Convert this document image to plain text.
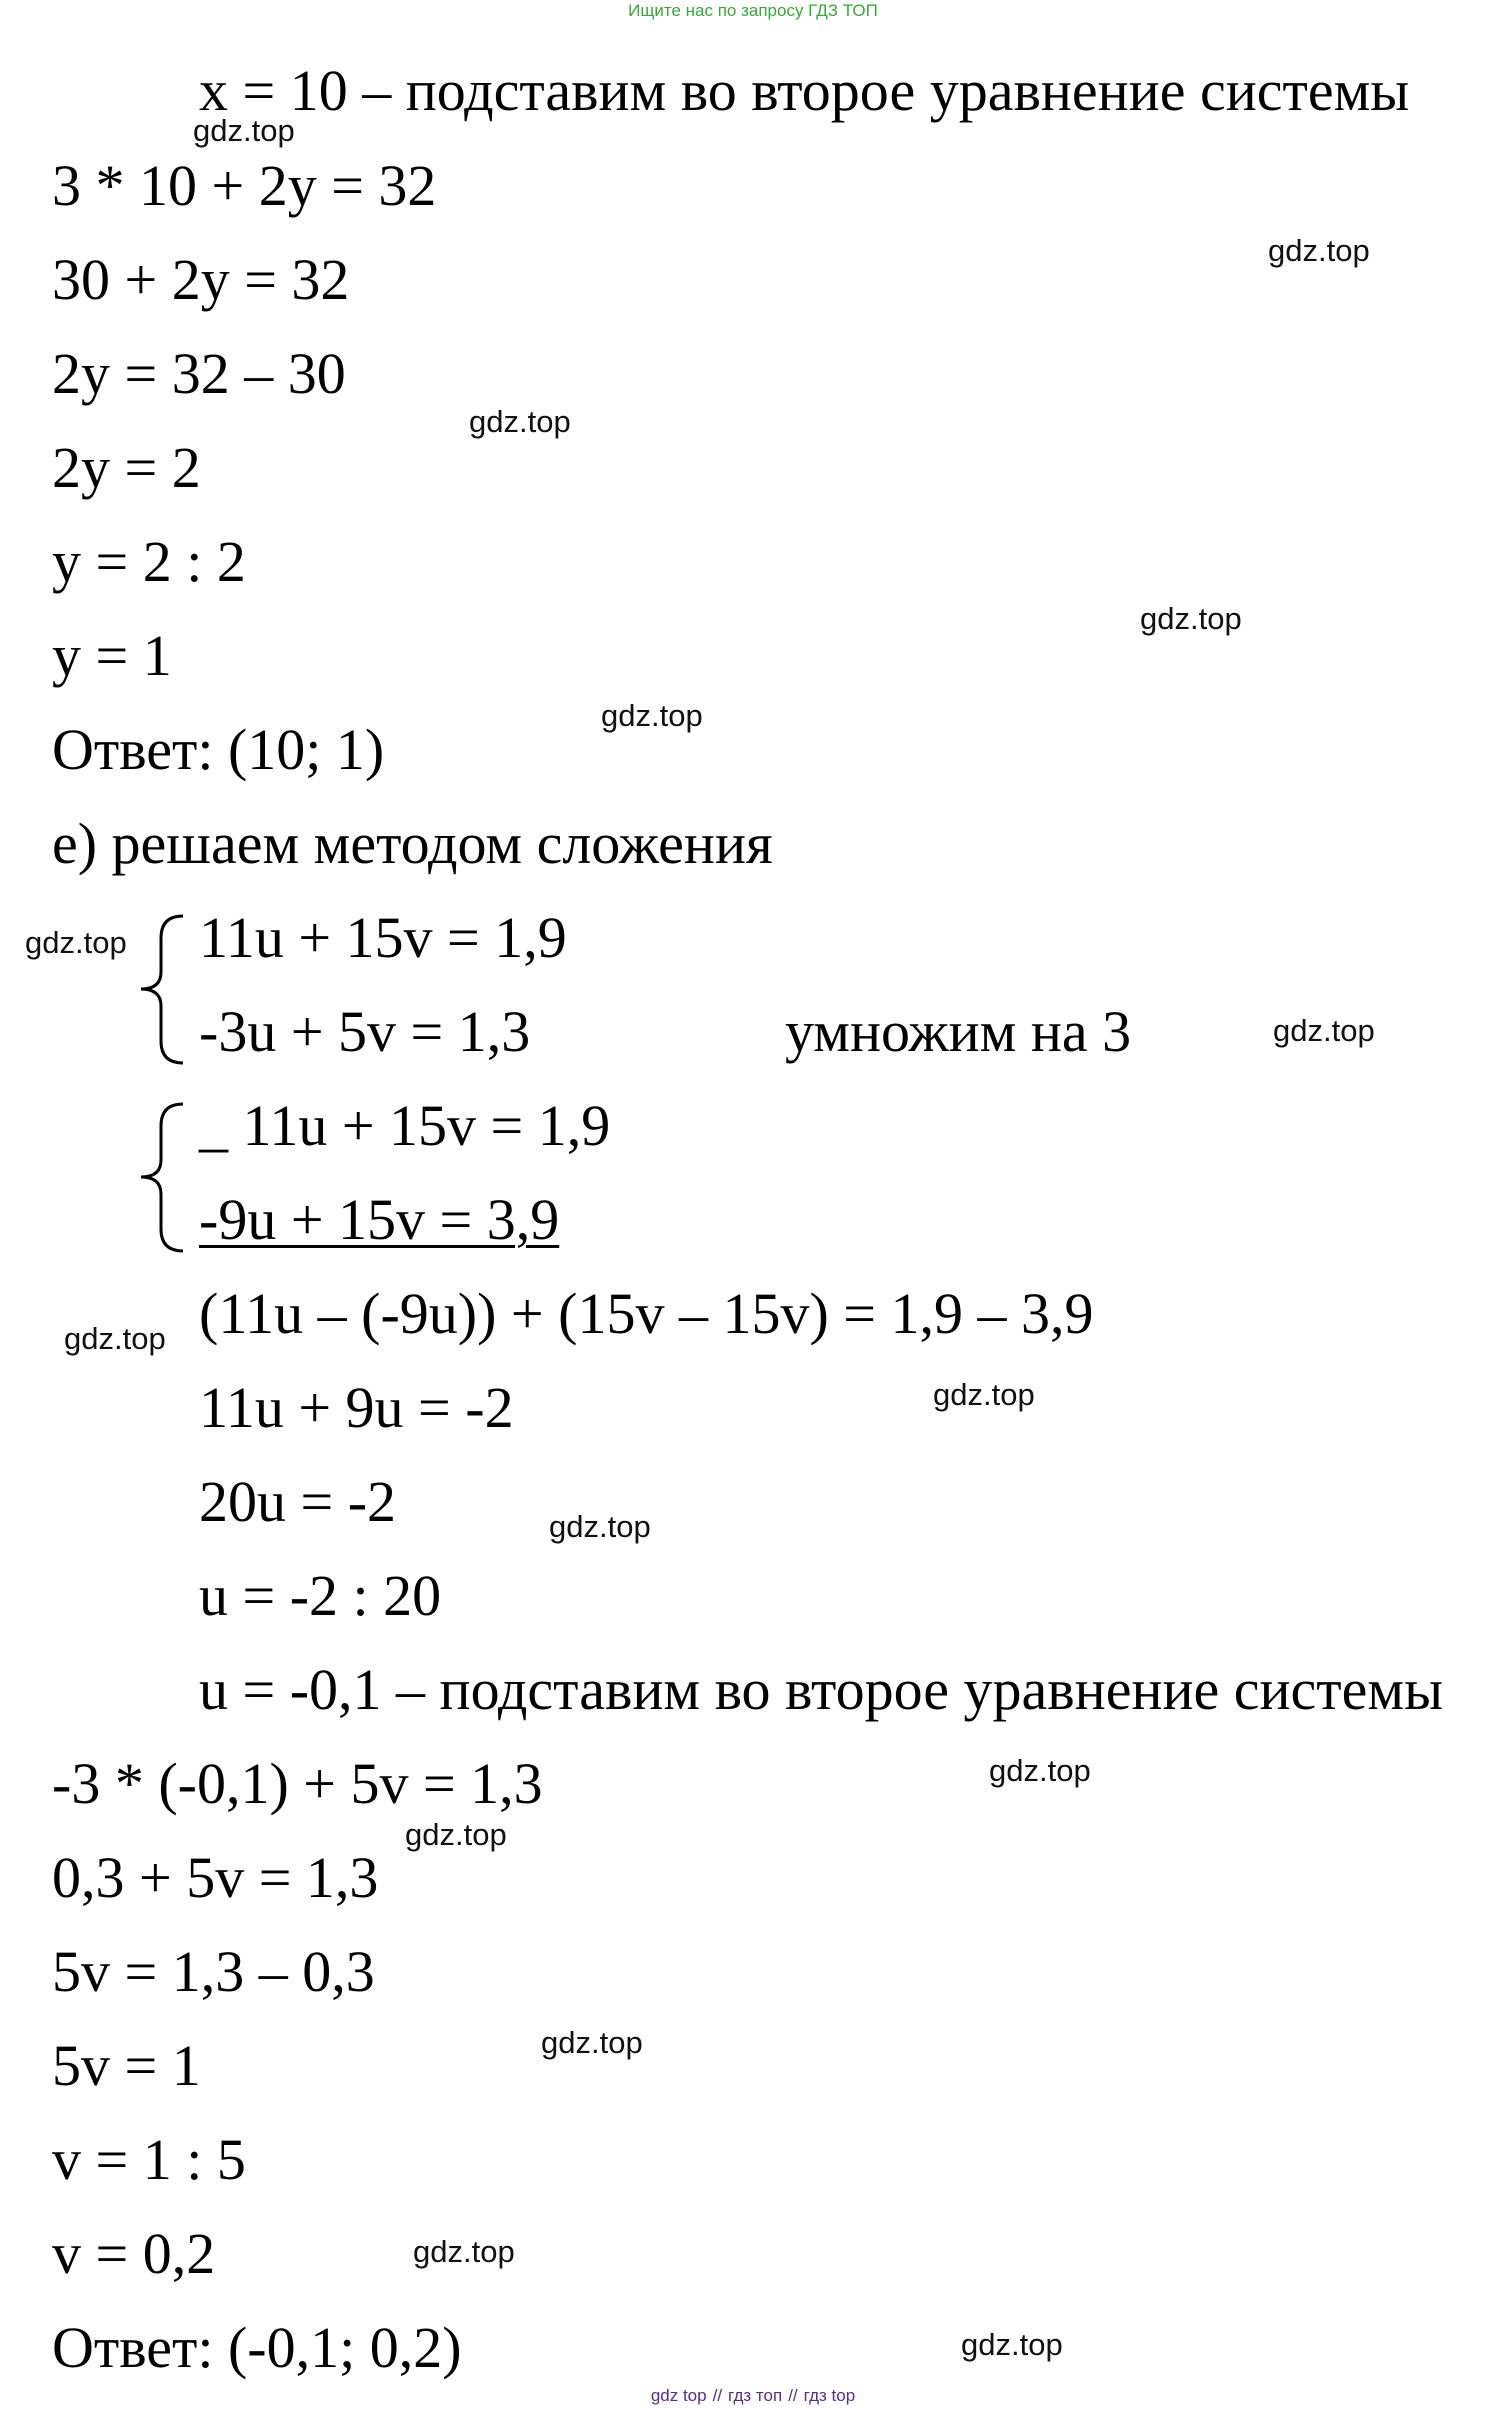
Ищите нас по запросу ГДЗ ТОП
x = 10 – подставим во второе уравнение системы
3 * 10 + 2y = 32
30 + 2y = 32
2y = 32 – 30
2y = 2
y = 2 : 2
y = 1
Ответ: (10; 1)
е) решаем методом сложения
11u + 15v = 1,9
-3u + 5v = 1,3	умножим на 3
_ 11u + 15v = 1,9
-9u + 15v = 3,9
(11u – (-9u)) + (15v – 15v) = 1,9 – 3,9
11u + 9u = -2
20u = -2
u = -2 : 20
u = -0,1 – подставим во второе уравнение системы
-3 * (-0,1) + 5v = 1,3
0,3 + 5v = 1,3
5v = 1,3 – 0,3
5v = 1
v = 1 : 5
v = 0,2
Ответ: (-0,1; 0,2)
gdz.top
gdz.top
gdz.top
gdz.top
gdz.top
gdz.top
gdz.top
gdz.top
gdz.top
gdz.top
gdz.top
gdz.top
gdz.top
gdz.top
gdz.top
gdz top // гдз топ // гдз top
